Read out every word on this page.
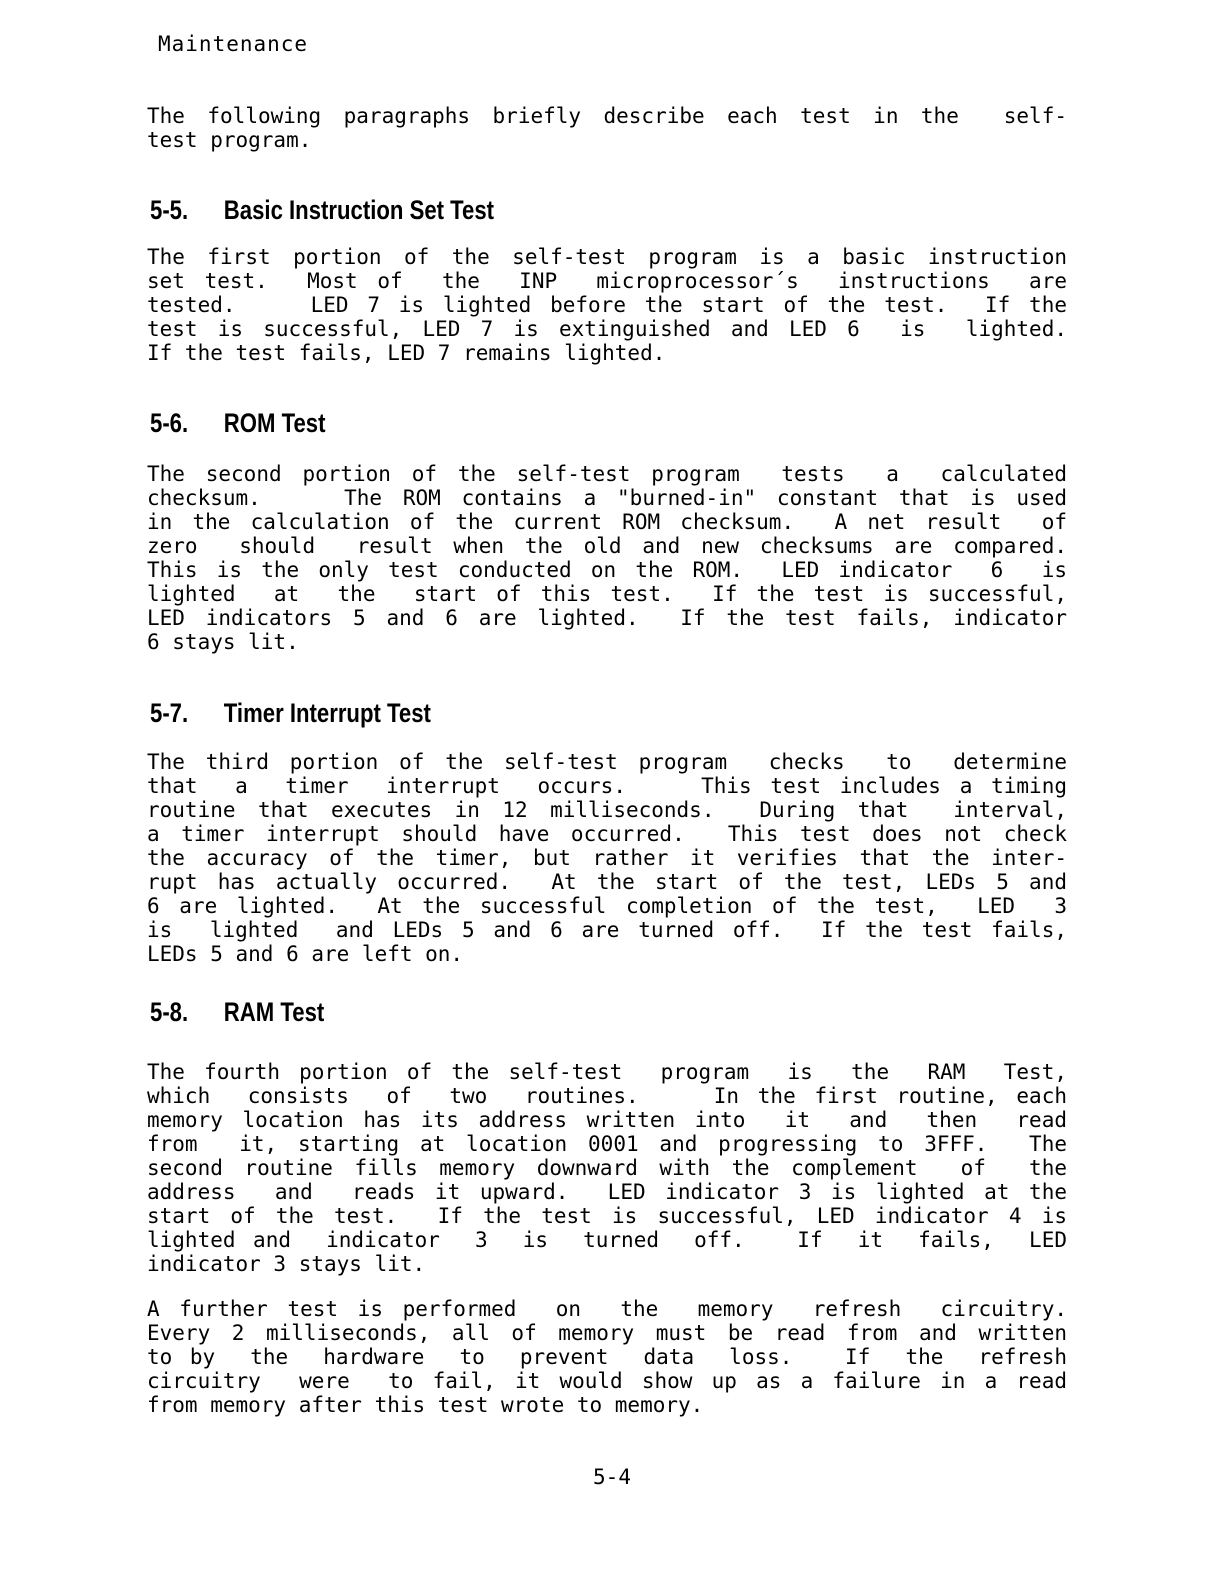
Maintenance
The following paragraphs briefly describe each test in the  self-
test program.
5-5. Basic Instruction Set Test
The first portion of the self-test program is a basic instruction
set test.  Most of  the  INP  microprocessor´s  instructions  are
tested.    LED 7 is lighted before the start of the test.  If the
test is successful, LED 7 is extinguished and LED 6  is  lighted.
If the test fails, LED 7 remains lighted.
5-6. ROM Test
The second portion of the self-test program  tests  a  calculated
checksum.    The ROM contains a "burned-in" constant that is used
in the calculation of the current ROM checksum.  A net result  of
zero  should  result when the old and new checksums are compared.
This is the only test conducted on the ROM.  LED indicator  6  is
lighted  at  the  start of this test.  If the test is successful,
LED indicators 5 and 6 are lighted.  If the test fails, indicator
6 stays lit.
5-7. Timer Interrupt Test
The third portion of the self-test program  checks  to  determine
that  a  timer  interrupt  occurs.    This test includes a timing
routine that executes in 12 milliseconds.  During that  interval,
a timer interrupt should have occurred.  This test does not check
the accuracy of the timer, but rather it verifies that the inter-
rupt has actually occurred.  At the start of the test, LEDs 5 and
6 are lighted.  At the successful completion of the test,  LED  3
is  lighted  and LEDs 5 and 6 are turned off.  If the test fails,
LEDs 5 and 6 are left on.
5-8. RAM Test
The fourth portion of the self-test  program  is  the  RAM  Test,
which  consists  of  two  routines.    In the first routine, each
memory location has its address written into  it  and  then  read
from  it, starting at location 0001 and progressing to 3FFF.  The
second routine fills memory downward with the complement  of  the
address  and  reads it upward.  LED indicator 3 is lighted at the
start of the test.  If the test is successful, LED indicator 4 is
lighted and  indicator  3  is  turned  off.   If  it  fails,  LED
indicator 3 stays lit.
A further test is performed  on  the  memory  refresh  circuitry.
Every 2 milliseconds, all of memory must be read from and written
to by  the  hardware  to  prevent  data  loss.   If  the  refresh
circuitry  were  to fail, it would show up as a failure in a read
from memory after this test wrote to memory.
5-4
